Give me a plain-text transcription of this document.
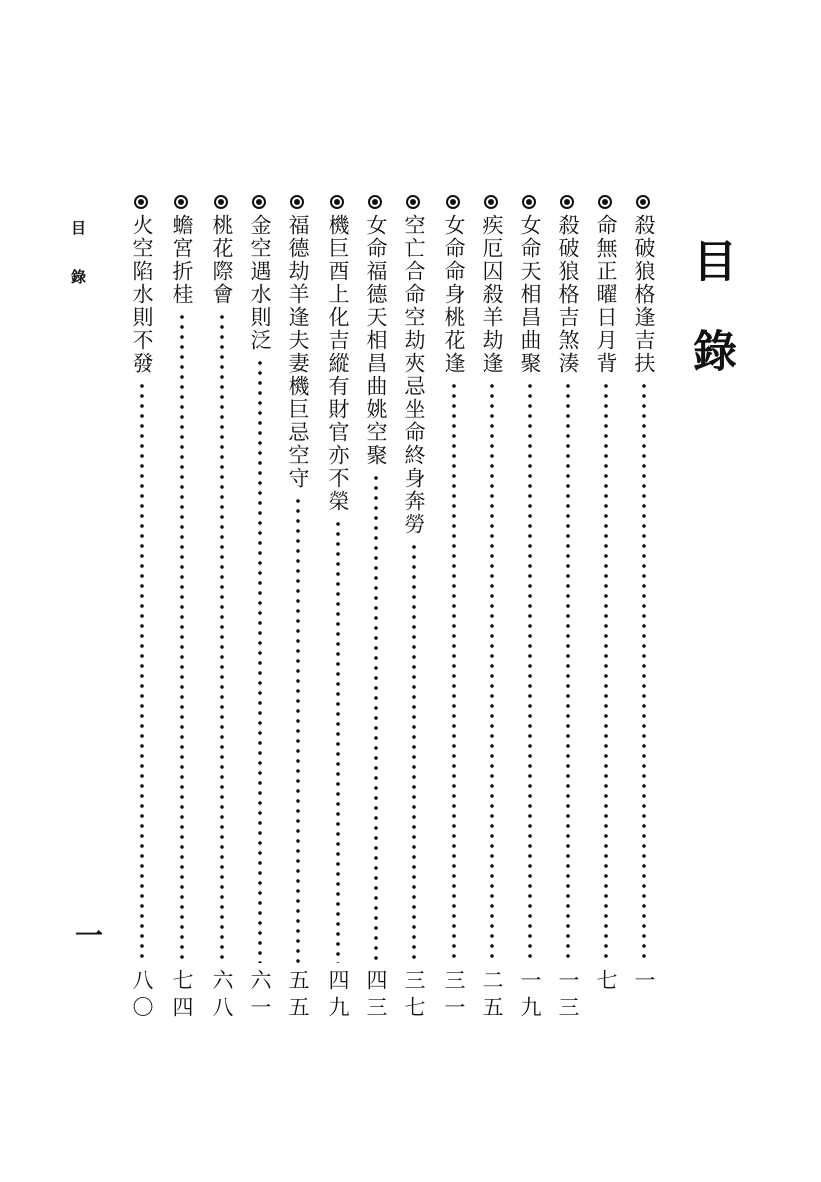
目錄
目錄
一
殺破狼格逢吉扶
一
命無正曜日月背
七
殺破狼格吉煞湊
一三
女命天相昌曲聚
一九
疾厄囚殺羊劫逢
二五
女命命身桃花逢
三一
空亡合命空劫夾忌坐命終身奔勞
三七
女命福德天相昌曲姚空聚
四三
機巨酉上化吉縱有財官亦不榮
四九
福德劫羊逢夫妻機巨忌空守
五五
金空遇水則泛
六一
桃花際會
六八
蟾宮折桂
七四
火空陷水則不發
八〇
